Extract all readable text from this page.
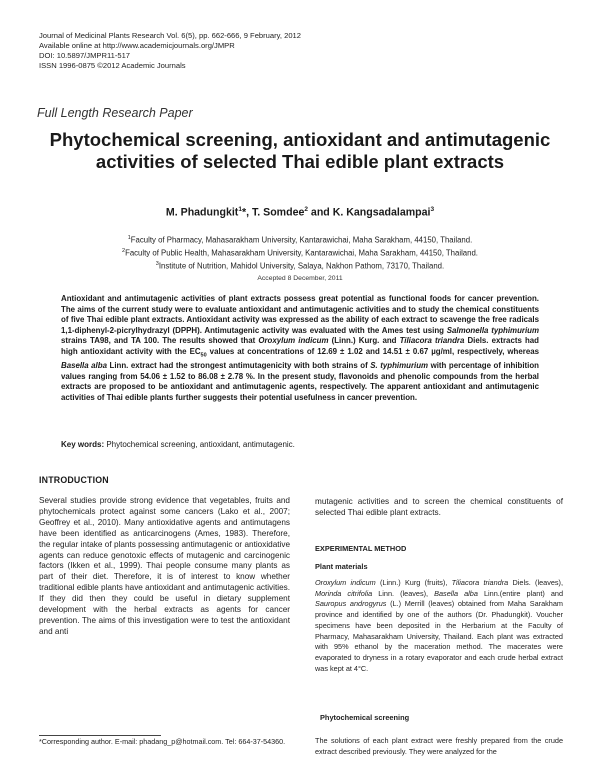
Journal of Medicinal Plants Research Vol. 6(5), pp. 662-666, 9 February, 2012
Available online at http://www.academicjournals.org/JMPR
DOI: 10.5897/JMPR11-517
ISSN 1996-0875 ©2012 Academic Journals
Full Length Research Paper
Phytochemical screening, antioxidant and antimutagenic activities of selected Thai edible plant extracts
M. Phadungkit$^1$*, T. Somdee$^2$ and K. Kangsadalampai$^3$
$^1$Faculty of Pharmacy, Mahasarakham University, Kantarawichai, Maha Sarakham, 44150, Thailand.
$^2$Faculty of Public Health, Mahasarakham University, Kantarawichai, Maha Sarakham, 44150, Thailand.
$^3$Institute of Nutrition, Mahidol University, Salaya, Nakhon Pathom, 73170, Thailand.
Accepted 8 December, 2011

Antioxidant and antimutagenic activities of plant extracts possess great potential as functional foods for cancer prevention. The aims of the current study were to evaluate antioxidant and antimutagenic activities and to study the chemical constituents of five Thai edible plant extracts. Antioxidant activity was expressed as the ability of each extract to scavenge the free radicals 1,1-diphenyl-2-picrylhydrazyl (DPPH). Antimutagenic activity was evaluated with the Ames test using Salmonella typhimurium strains TA98, and TA 100. The results showed that Oroxylum indicum (Linn.) Kurg. and Tiliacora triandra Diels. extracts had high antioxidant activity with the $EC_{50}$ values at concentrations of 12.69 ± 1.02 and 14.51 ± 0.67 µg/ml, respectively, whereas Basella alba Linn. extract had the strongest antimutagenicity with both strains of S. typhimurium with percentage of inhibition values ranging from 54.06 ± 1.52 to 86.08 ± 2.78 %. In the present study, flavonoids and phenolic compounds from the herbal extracts are proposed to be antioxidant and antimutagenic agents, respectively. The apparent antioxidant and antimutagenic activities of Thai edible plants further suggests their potential usefulness in cancer prevention.

Key words: Phytochemical screening, antioxidant, antimutagenic.
INTRODUCTION

Several studies provide strong evidence that vegetables, fruits and phytochemicals protect against some cancers (Lako et al., 2007; Geoffrey et al., 2010). Many antioxidative agents and antimutagens have been identified as anticarcinogens (Ames, 1983). Therefore, the regular intake of plants possessing antimutagenic or antioxidative agents can reduce genotoxic effects of mutagenic and carcinogenic factors (Ikken et al., 1999). Thai people consume many plants as part of their diet. Therefore, it is of interest to know whether traditional edible plants have antioxidant and antimutagenic activities. If they did then they could be useful in dietary supplement development with the herbal extracts as agents for cancer prevention. The aims of this investigation were to test the antioxidant and anti

*Corresponding author. E-mail: phadang_p@hotmail.com. Tel: 664-37-54360.

mutagenic activities and to screen the chemical constituents of selected Thai edible plant extracts.

EXPERIMENTAL METHOD
Plant materials

Oroxylum indicum (Linn.) Kurg (fruits), Tiliacora triandra Diels. (leaves), Morinda citrifolia Linn. (leaves), Basella alba Linn.(entire plant) and Sauropus androgyrus (L.) Merrill (leaves) obtained from Maha Sarakham province and identified by one of the authors (Dr. Phadungkit). Voucher specimens have been deposited in the Herbarium at the Faculty of Pharmacy, Mahasarakham University, Thailand. Each plant was extracted with 95% ethanol by the maceration method. The macerates were evaporated to dryness in a rotary evaporator and each crude herbal extract was kept at 4°C.

Phytochemical screening

The solutions of each plant extract were freshly prepared from the crude extract described previously. They were analyzed for the
